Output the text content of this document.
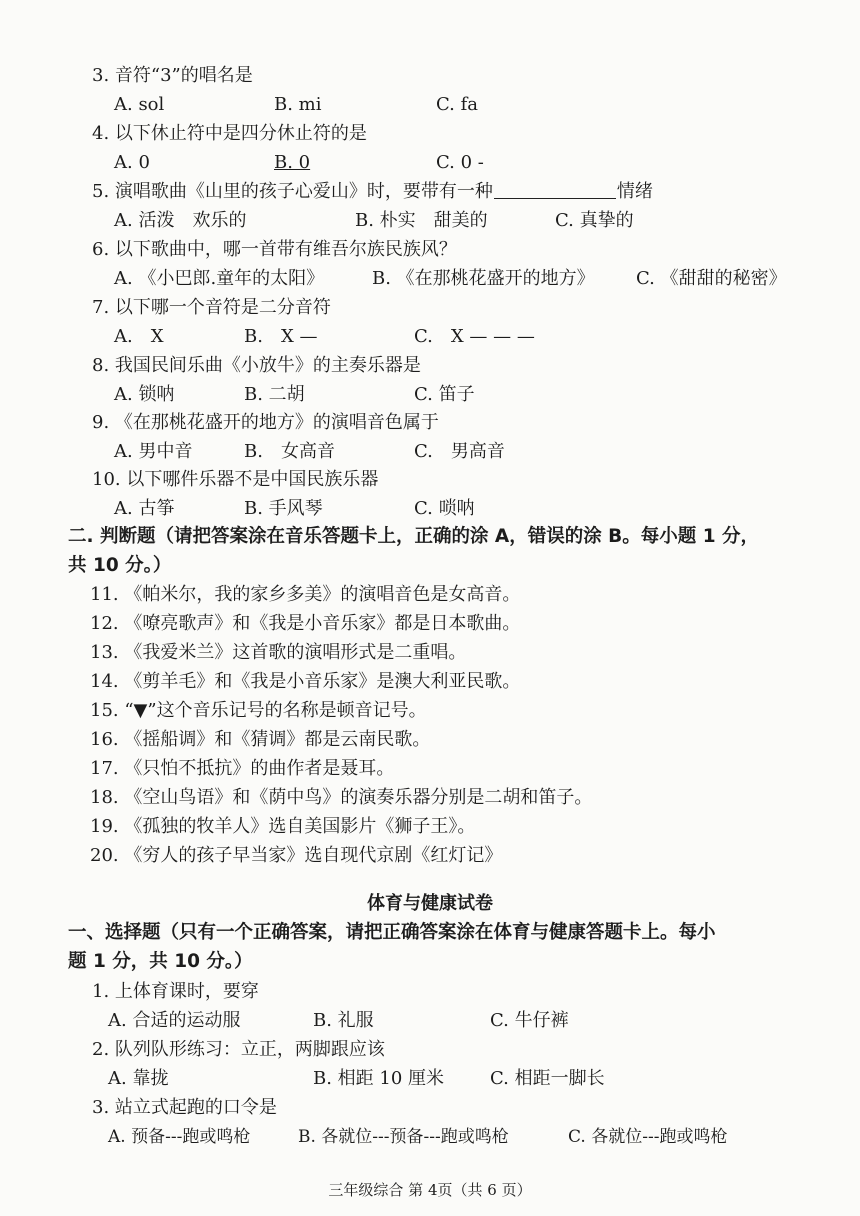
3. 音符“3”的唱名是
A. sol	B. mi	C. fa
4. 以下休止符中是四分休止符的是
A. 0	B. 0	C. 0 -
5. 演唱歌曲《山里的孩子心爱山》时，要带有一种	情绪
A. 活泼　欢乐的	B. 朴实　甜美的	C. 真挚的
6. 以下歌曲中，哪一首带有维吾尔族民族风？
A. 《小巴郎.童年的太阳》	B. 《在那桃花盛开的地方》 C. 《甜甜的秘密》
7. 以下哪一个音符是二分音符
A.　X	B.　X —	C.　X — — —
8. 我国民间乐曲《小放牛》的主奏乐器是
A. 锁呐	B. 二胡	C. 笛子
9. 《在那桃花盛开的地方》的演唱音色属于
A. 男中音	B.　女高音	C.　男高音
10. 以下哪件乐器不是中国民族乐器
A. 古筝	B. 手风琴	C. 唢呐
二. 判断题（请把答案涂在音乐答题卡上，正确的涂 A，错误的涂 B。每小题 1 分，
共 10 分。）
11. 《帕米尔，我的家乡多美》的演唱音色是女高音。
12. 《嘹亮歌声》和《我是小音乐家》都是日本歌曲。
13. 《我爱米兰》这首歌的演唱形式是二重唱。
14. 《剪羊毛》和《我是小音乐家》是澳大利亚民歌。
15. “▼”这个音乐记号的名称是顿音记号。
16. 《摇船调》和《猜调》都是云南民歌。
17. 《只怕不抵抗》的曲作者是聂耳。
18. 《空山鸟语》和《荫中鸟》的演奏乐器分别是二胡和笛子。
19. 《孤独的牧羊人》选自美国影片《狮子王》。
20. 《穷人的孩子早当家》选自现代京剧《红灯记》
体育与健康试卷
一、选择题（只有一个正确答案，请把正确答案涂在体育与健康答题卡上。每小
题 1 分，共 10 分。）
1. 上体育课时，要穿
A. 合适的运动服	B. 礼服	C. 牛仔裤
2. 队列队形练习：立正，两脚跟应该
A. 靠拢	B. 相距 10 厘米	C. 相距一脚长
3. 站立式起跑的口令是
A. 预备---跑或鸣枪	B. 各就位---预备---跑或鸣枪	C. 各就位---跑或鸣枪
三年级综合 第 4页（共 6 页）
